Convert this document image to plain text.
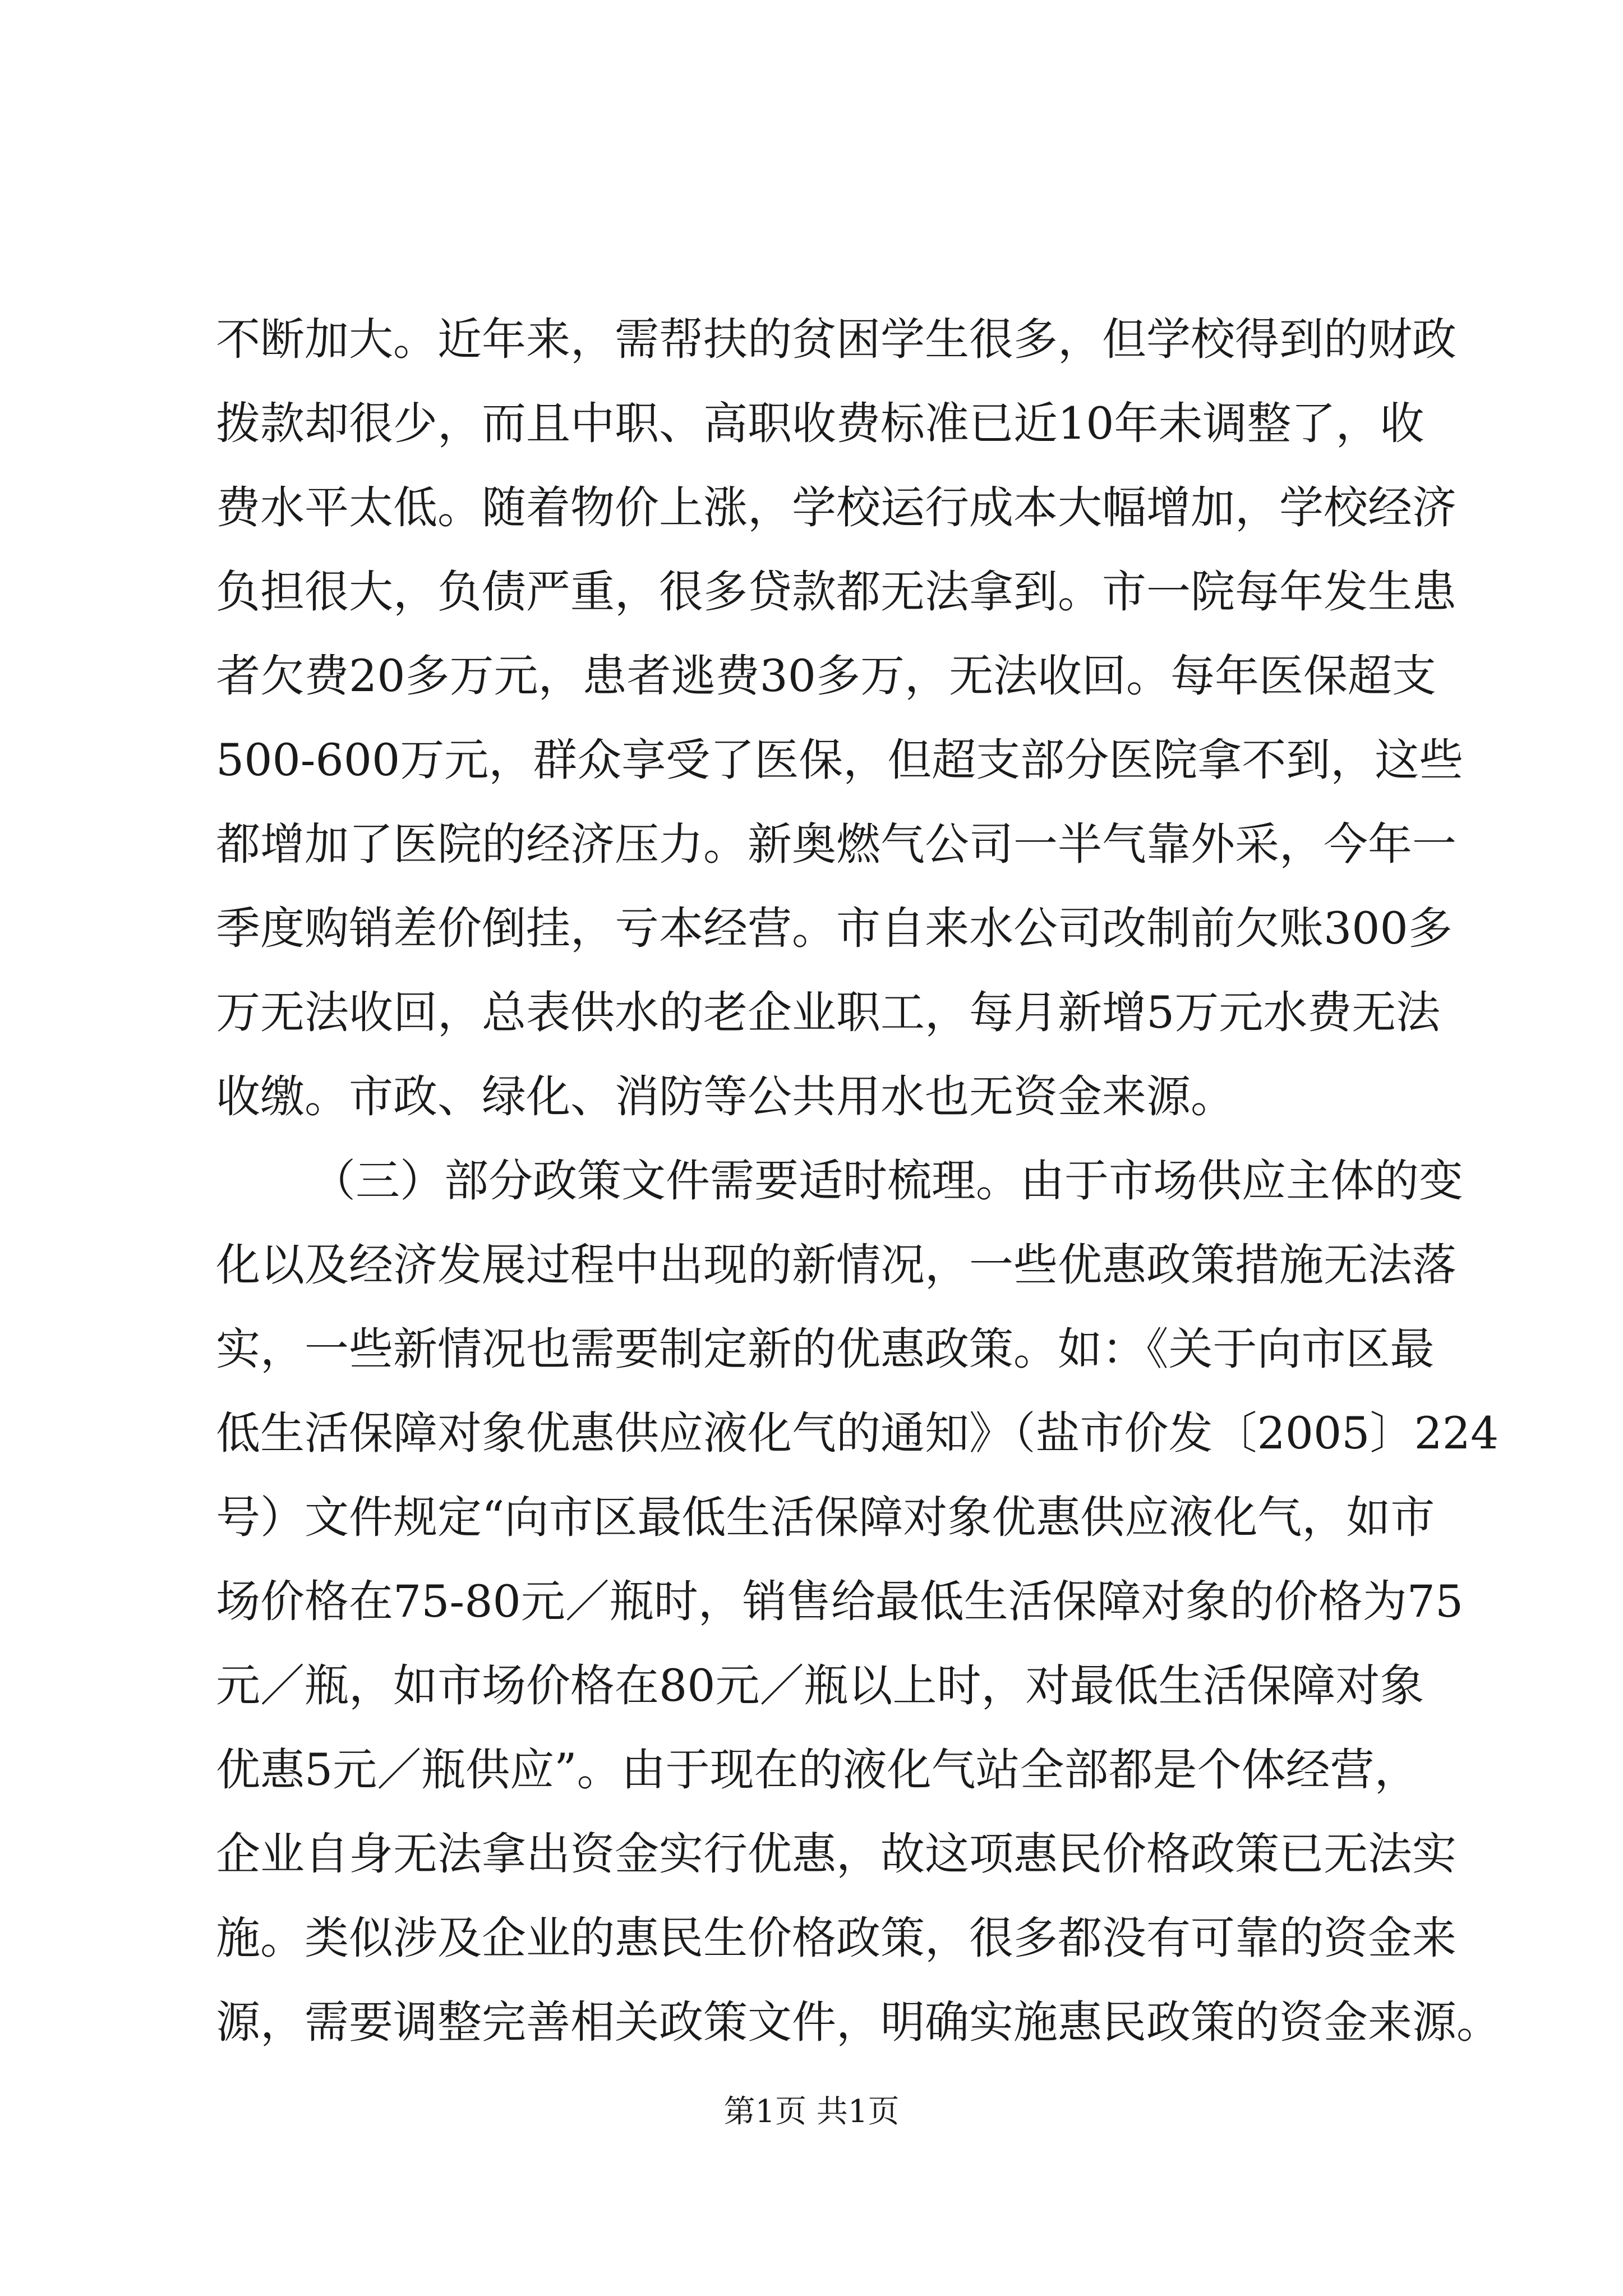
不断加大。近年来，需帮扶的贫困学生很多，但学校得到的财政
拨款却很少，而且中职、高职收费标准已近10年未调整了，收
费水平太低。随着物价上涨，学校运行成本大幅增加，学校经济
负担很大，负债严重，很多贷款都无法拿到。市一院每年发生患
者欠费20多万元，患者逃费30多万，无法收回。每年医保超支
500-600万元，群众享受了医保，但超支部分医院拿不到，这些
都增加了医院的经济压力。新奥燃气公司一半气靠外采，今年一
季度购销差价倒挂，亏本经营。市自来水公司改制前欠账300多
万无法收回，总表供水的老企业职工，每月新增5万元水费无法
收缴。市政、绿化、消防等公共用水也无资金来源。
（三）部分政策文件需要适时梳理。由于市场供应主体的变
化以及经济发展过程中出现的新情况，一些优惠政策措施无法落
实，一些新情况也需要制定新的优惠政策。如：《关于向市区最
低生活保障对象优惠供应液化气的通知》（盐市价发〔2005〕224
号）文件规定“向市区最低生活保障对象优惠供应液化气，如市
场价格在75-80元／瓶时，销售给最低生活保障对象的价格为75
元／瓶，如市场价格在80元／瓶以上时，对最低生活保障对象
优惠5元／瓶供应”。由于现在的液化气站全部都是个体经营，
企业自身无法拿出资金实行优惠，故这项惠民价格政策已无法实
施。类似涉及企业的惠民生价格政策，很多都没有可靠的资金来
源，需要调整完善相关政策文件，明确实施惠民政策的资金来源。
第1页 共1页
